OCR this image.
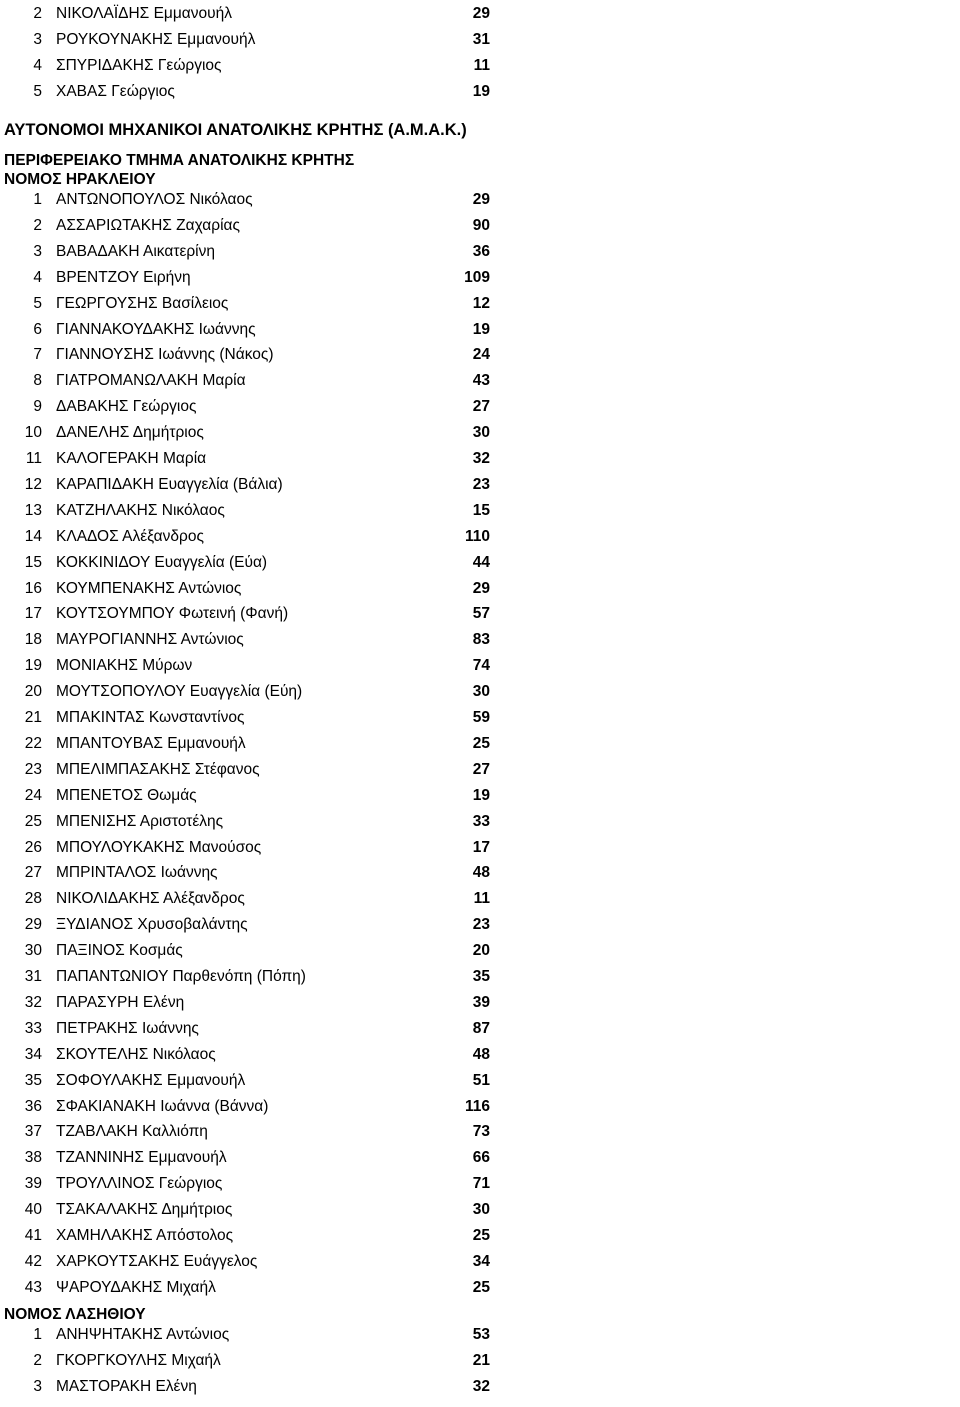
2 ΝΙΚΟΛΑΪΔΗΣ Εμμανουήλ	29
3 ΡΟΥΚΟΥΝΑΚΗΣ Εμμανουήλ	31
4 ΣΠΥΡΙΔΑΚΗΣ Γεώργιος	11
5 ΧΑΒΑΣ Γεώργιος	19
ΑΥΤΟΝΟΜΟΙ ΜΗΧΑΝΙΚΟΙ ΑΝΑΤΟΛΙΚΗΣ ΚΡΗΤΗΣ (Α.Μ.Α.Κ.)
ΠΕΡΙΦΕΡΕΙΑΚΟ ΤΜΗΜΑ ΑΝΑΤΟΛΙΚΗΣ ΚΡΗΤΗΣ
ΝΟΜΟΣ ΗΡΑΚΛΕΙΟΥ
1 ΑΝΤΩΝΟΠΟΥΛΟΣ Νικόλαος	29
2 ΑΣΣΑΡΙΩΤΑΚΗΣ Ζαχαρίας	90
3 ΒΑΒΑΔΑΚΗ Αικατερίνη	36
4 ΒΡΕΝΤΖΟΥ Ειρήνη	109
5 ΓΕΩΡΓΟΥΣΗΣ Βασίλειος	12
6 ΓΙΑΝΝΑΚΟΥΔΑΚΗΣ Ιωάννης	19
7 ΓΙΑΝΝΟΥΣΗΣ Ιωάννης (Νάκος)	24
8 ΓΙΑΤΡΟΜΑΝΩΛΑΚΗ Μαρία	43
9 ΔΑΒΑΚΗΣ Γεώργιος	27
10 ΔΑΝΕΛΗΣ Δημήτριος	30
11 ΚΑΛΟΓΕΡΑΚΗ Μαρία	32
12 ΚΑΡΑΠΙΔΑΚΗ Ευαγγελία (Βάλια)	23
13 ΚΑΤΖΗΛΑΚΗΣ Νικόλαος	15
14 ΚΛΑΔΟΣ Αλέξανδρος	110
15 ΚΟΚΚΙΝΙΔΟΥ Ευαγγελία (Εύα)	44
16 ΚΟΥΜΠΕΝΑΚΗΣ Αντώνιος	29
17 ΚΟΥΤΣΟΥΜΠΟΥ Φωτεινή (Φανή)	57
18 ΜΑΥΡΟΓΙΑΝΝΗΣ Αντώνιος	83
19 ΜΟΝΙΑΚΗΣ Μύρων	74
20 ΜΟΥΤΣΟΠΟΥΛΟΥ Ευαγγελία (Εύη)	30
21 ΜΠΑΚΙΝΤΑΣ Κωνσταντίνος	59
22 ΜΠΑΝΤΟΥΒΑΣ Εμμανουήλ	25
23 ΜΠΕΛΙΜΠΑΣΑΚΗΣ Στέφανος	27
24 ΜΠΕΝΕΤΟΣ Θωμάς	19
25 ΜΠΕΝΙΣΗΣ Αριστοτέλης	33
26 ΜΠΟΥΛΟΥΚΑΚΗΣ Μανούσος	17
27 ΜΠΡΙΝΤΑΛΟΣ Ιωάννης	48
28 ΝΙΚΟΛΙΔΑΚΗΣ Αλέξανδρος	11
29 ΞΥΔΙΑΝΟΣ Χρυσοβαλάντης	23
30 ΠΑΞΙΝΟΣ Κοσμάς	20
31 ΠΑΠΑΝΤΩΝΙΟΥ Παρθενόπη (Πόπη)	35
32 ΠΑΡΑΣΥΡΗ Ελένη	39
33 ΠΕΤΡΑΚΗΣ Ιωάννης	87
34 ΣΚΟΥΤΕΛΗΣ Νικόλαος	48
35 ΣΟΦΟΥΛΑΚΗΣ Εμμανουήλ	51
36 ΣΦΑΚΙΑΝΑΚΗ Ιωάννα (Βάννα)	116
37 ΤΖΑΒΛΑΚΗ Καλλιόπη	73
38 ΤΖΑΝΝΙΝΗΣ Εμμανουήλ	66
39 ΤΡΟΥΛΛΙΝΟΣ Γεώργιος	71
40 ΤΣΑΚΑΛΑΚΗΣ Δημήτριος	30
41 ΧΑΜΗΛΑΚΗΣ Απόστολος	25
42 ΧΑΡΚΟΥΤΣΑΚΗΣ Ευάγγελος	34
43 ΨΑΡΟΥΔΑΚΗΣ Μιχαήλ	25
ΝΟΜΟΣ ΛΑΣΗΘΙΟΥ
1 ΑΝΗΨΗΤΑΚΗΣ Αντώνιος	53
2 ΓΚΟΡΓΚΟΥΛΗΣ Μιχαήλ	21
3 ΜΑΣΤΟΡΑΚΗ Ελένη	32
